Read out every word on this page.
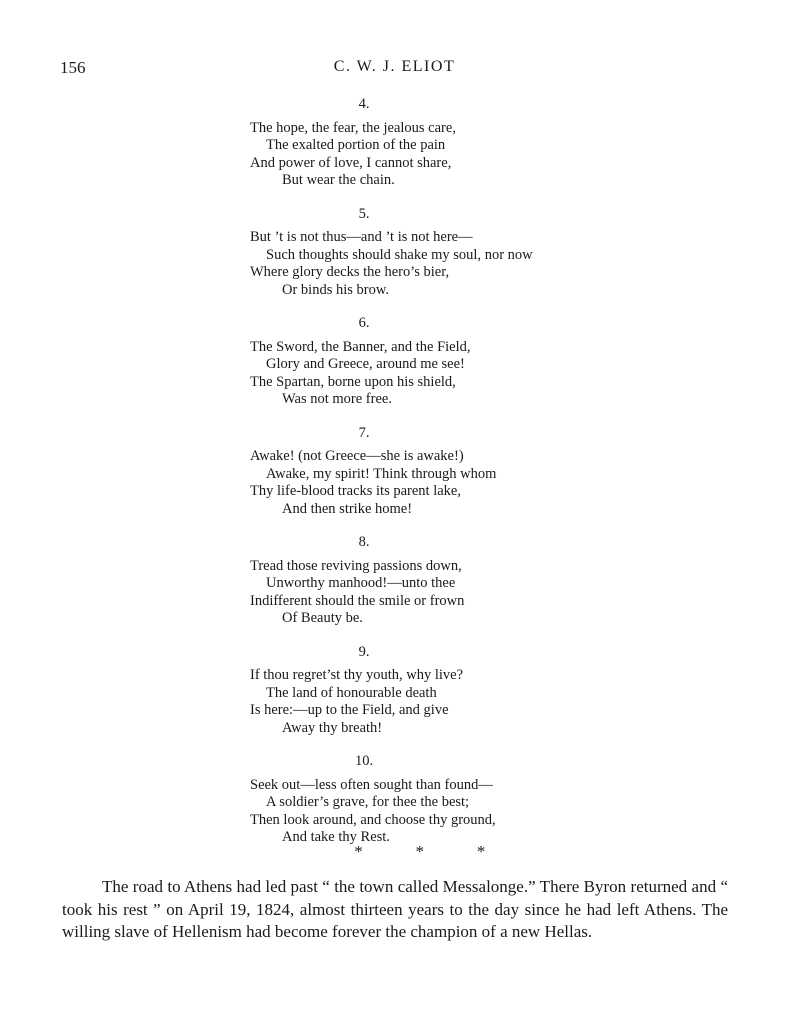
156	C. W. J. ELIOT
4.
The hope, the fear, the jealous care,
The exalted portion of the pain
And power of love, I cannot share,
But wear the chain.
5.
But ’t is not thus—and ’t is not here—
Such thoughts should shake my soul, nor now
Where glory decks the hero’s bier,
Or binds his brow.
6.
The Sword, the Banner, and the Field,
Glory and Greece, around me see!
The Spartan, borne upon his shield,
Was not more free.
7.
Awake! (not Greece—she is awake!)
Awake, my spirit! Think through whom
Thy life-blood tracks its parent lake,
And then strike home!
8.
Tread those reviving passions down,
Unworthy manhood!—unto thee
Indifferent should the smile or frown
Of Beauty be.
9.
If thou regret’st thy youth, why live?
The land of honourable death
Is here:—up to the Field, and give
Away thy breath!
10.
Seek out—less often sought than found—
A soldier’s grave, for thee the best;
Then look around, and choose thy ground,
And take thy Rest.
*	*	*

The road to Athens had led past “ the town called Messalonge.” There Byron returned and “ took his rest ” on April 19, 1824, almost thirteen years to the day since he had left Athens. The willing slave of Hellenism had become forever the champion of a new Hellas.
